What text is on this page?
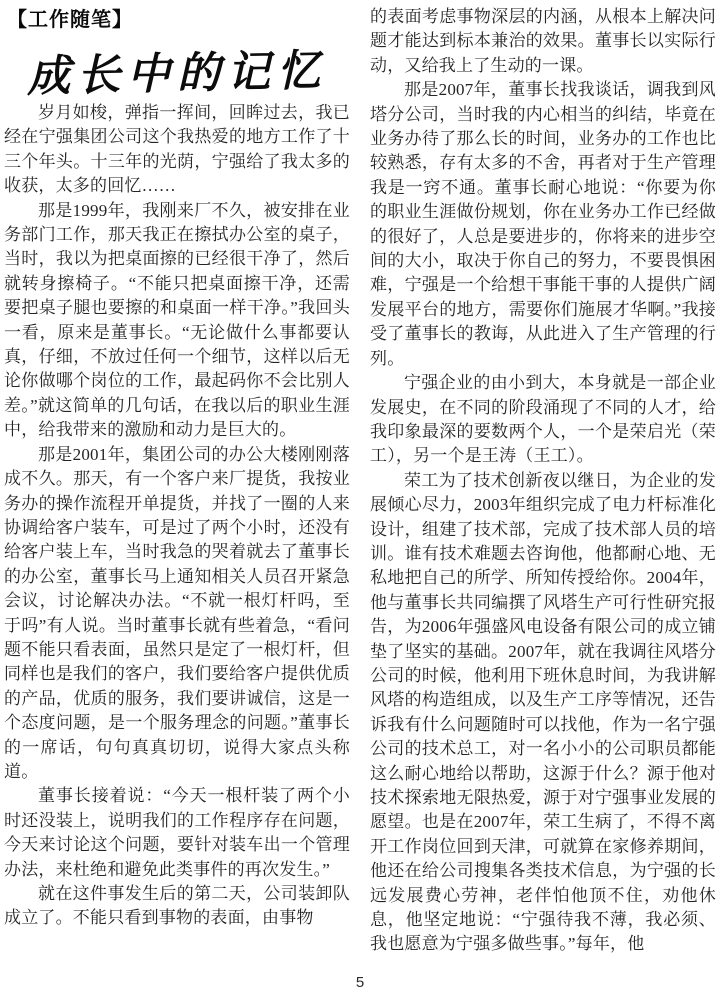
【工作随笔】
成长中的记忆

岁月如梭，弹指一挥间，回眸过去，我已经在宁强集团公司这个我热爱的地方工作了十三个年头。十三年的光荫，宁强给了我太多的收获，太多的回忆……

那是1999年，我刚来厂不久，被安排在业务部门工作，那天我正在擦拭办公室的桌子，当时，我以为把桌面擦的已经很干净了，然后就转身擦椅子。“不能只把桌面擦干净，还需要把桌子腿也要擦的和桌面一样干净。”我回头一看，原来是董事长。“无论做什么事都要认真，仔细，不放过任何一个细节，这样以后无论你做哪个岗位的工作，最起码你不会比别人差。”就这简单的几句话，在我以后的职业生涯中，给我带来的激励和动力是巨大的。

那是2001年，集团公司的办公大楼刚刚落成不久。那天，有一个客户来厂提货，我按业务办的操作流程开单提货，并找了一圈的人来协调给客户装车，可是过了两个小时，还没有给客户装上车，当时我急的哭着就去了董事长的办公室，董事长马上通知相关人员召开紧急会议，讨论解决办法。“不就一根灯杆吗，至于吗”有人说。当时董事长就有些着急，“看问题不能只看表面，虽然只是定了一根灯杆，但同样也是我们的客户，我们要给客户提供优质的产品，优质的服务，我们要讲诚信，这是一个态度问题，是一个服务理念的问题。”董事长的一席话，句句真真切切，说得大家点头称道。

董事长接着说：“今天一根杆装了两个小时还没装上，说明我们的工作程序存在问题，今天来讨论这个问题，要针对装车出一个管理办法，来杜绝和避免此类事件的再次发生。”

就在这件事发生后的第二天，公司装卸队成立了。不能只看到事物的表面，由事物

的表面考虑事物深层的内涵，从根本上解决问题才能达到标本兼治的效果。董事长以实际行动，又给我上了生动的一课。

那是2007年，董事长找我谈话，调我到风塔分公司，当时我的内心相当的纠结，毕竟在业务办待了那么长的时间，业务办的工作也比较熟悉，存有太多的不舍，再者对于生产管理我是一窍不通。董事长耐心地说：“你要为你的职业生涯做份规划，你在业务办工作已经做的很好了，人总是要进步的，你将来的进步空间的大小，取决于你自己的努力，不要畏惧困难，宁强是一个给想干事能干事的人提供广阔发展平台的地方，需要你们施展才华啊。”我接受了董事长的教诲，从此进入了生产管理的行列。

宁强企业的由小到大，本身就是一部企业发展史，在不同的阶段涌现了不同的人才，给我印象最深的要数两个人，一个是荣启光（荣工），另一个是王涛（王工）。

荣工为了技术创新夜以继日，为企业的发展倾心尽力，2003年组织完成了电力杆标准化设计，组建了技术部，完成了技术部人员的培训。谁有技术难题去咨询他，他都耐心地、无私地把自己的所学、所知传授给你。2004年，他与董事长共同编撰了风塔生产可行性研究报告，为2006年强盛风电设备有限公司的成立铺垫了坚实的基础。2007年，就在我调往风塔分公司的时候，他利用下班休息时间，为我讲解风塔的构造组成，以及生产工序等情况，还告诉我有什么问题随时可以找他，作为一名宁强公司的技术总工，对一名小小的公司职员都能这么耐心地给以帮助，这源于什么？源于他对技术探索地无限热爱，源于对宁强事业发展的愿望。也是在2007年，荣工生病了，不得不离开工作岗位回到天津，可就算在家修养期间，他还在给公司搜集各类技术信息，为宁强的长远发展费心劳神，老伴怕他顶不住，劝他休息，他坚定地说：“宁强待我不薄，我必须、我也愿意为宁强多做些事。”每年，他

5
